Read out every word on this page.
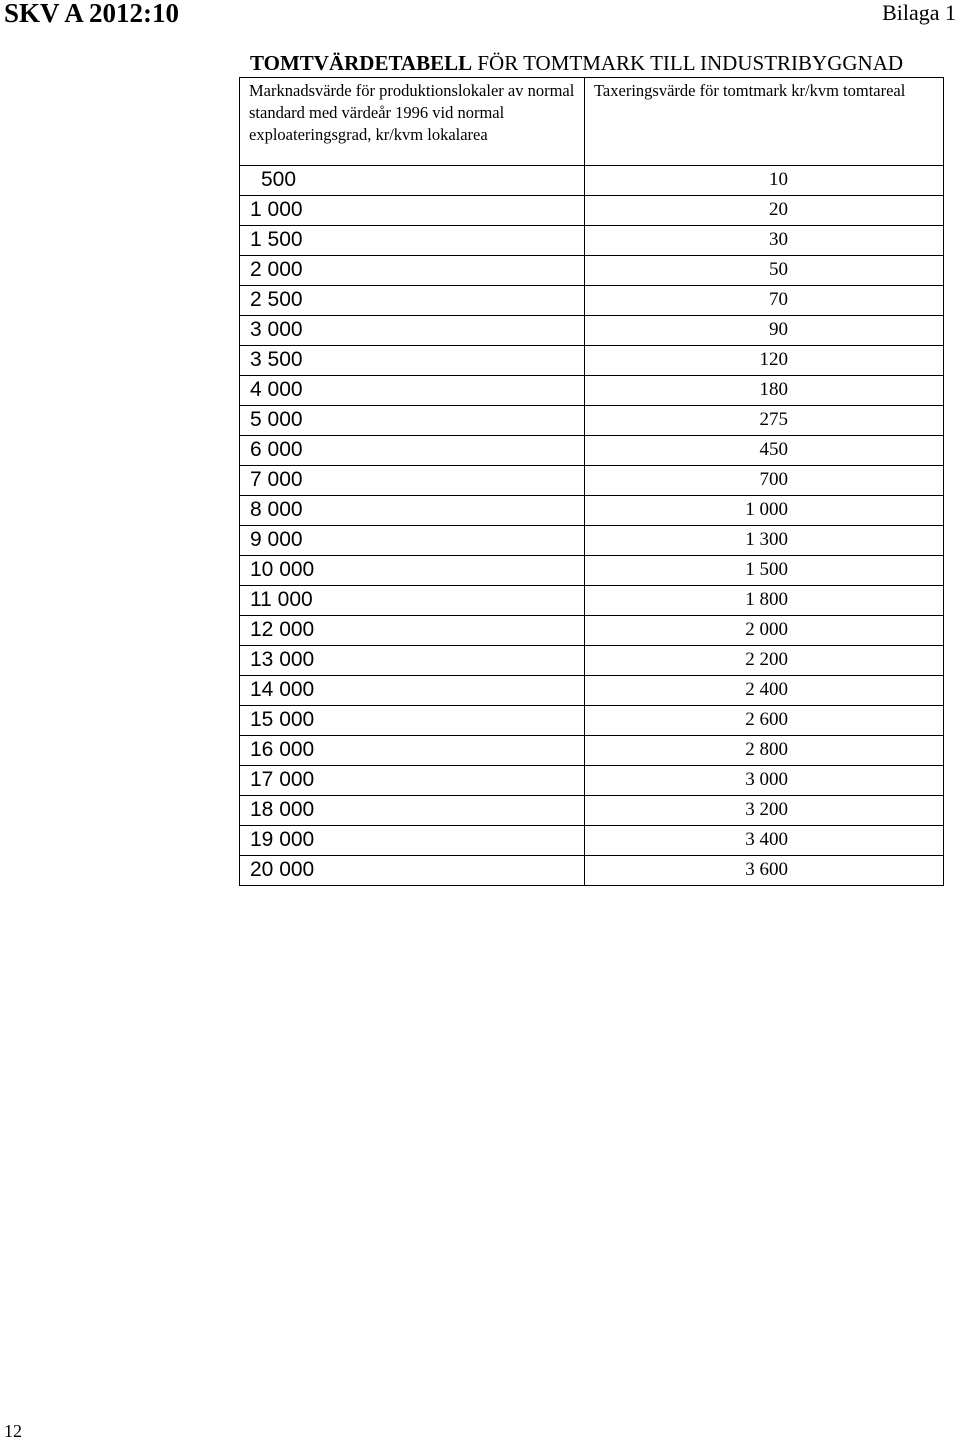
SKV A 2012:10	Bilaga 1
TOMTVÄRDETABELL FÖR TOMTMARK TILL INDUSTRIBYGGNAD
Marknadsvärde för produktionslokaler av normal standard med värdeår 1996 vid normal exploateringsgrad, kr/kvm lokalarea	Taxeringsvärde för tomtmark kr/kvm tomtareal
500	10
1 000	20
1 500	30
2 000	50
2 500	70
3 000	90
3 500	120
4 000	180
5 000	275
6 000	450
7 000	700
8 000	1 000
9 000	1 300
10 000	1 500
11 000	1 800
12 000	2 000
13 000	2 200
14 000	2 400
15 000	2 600
16 000	2 800
17 000	3 000
18 000	3 200
19 000	3 400
20 000	3 600
12
